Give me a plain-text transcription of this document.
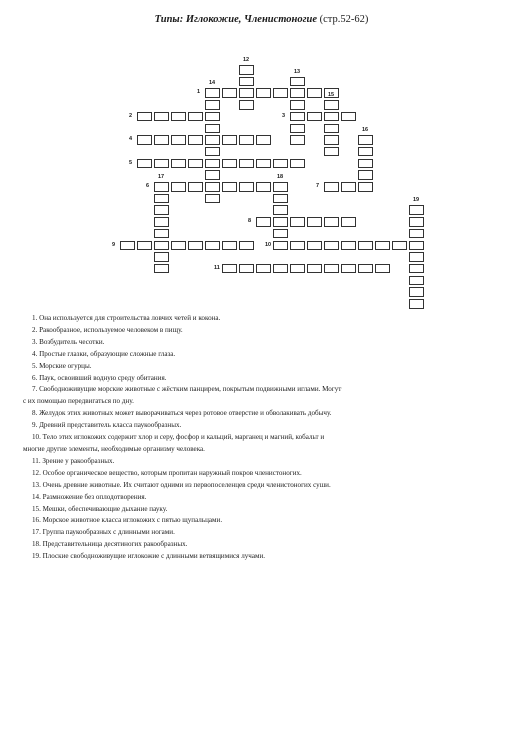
Типы: Иглокожие, Членистоногие (стр.52-62)
1
2	3
4
5
6	7
8
9	10
11
12
13
14
15
16
17	18
19
1. Она используется для строительства ловчих четей и кокона.
2. Ракообразное, используемое человеком в пищу.
3. Возбудитель чесотки.
4. Простые глазки, образующие сложные глаза.
5. Морские огурцы.
6. Паук, освоивший водную среду обитания.
7. Свободноживущие морские животные с жёстким панцирем, покрытым подвижными иглами. Могут
с их помощью передвигаться по дну.
8. Желудок этих животных может выворачиваться через ротовое отверстие и обволакивать добычу.
9. Древний представитель класса паукообразных.
10. Тело этих иглокожих содержит хлор и серу, фосфор и кальций, марганец и магний, кобальт и
многие другие элементы, необходимые организму человека.
11. Зрение у ракообразных.
12. Особое органическое вещество, которым пропитан наружный покров членистоногих.
13. Очень древние животные. Их считают одними из первопоселенцев среди членистоногих суши.
14. Размножение без оплодотворения.
15. Мешки, обеспечивающие дыхание пауку.
16. Морское животное класса иглокожих с пятью щупальцами.
17. Группа паукообразных с длинными ногами.
18. Представительница десятиногих ракообразных.
19. Плоские свободноживущие иглокожие с длинными ветвящимися лучами.
